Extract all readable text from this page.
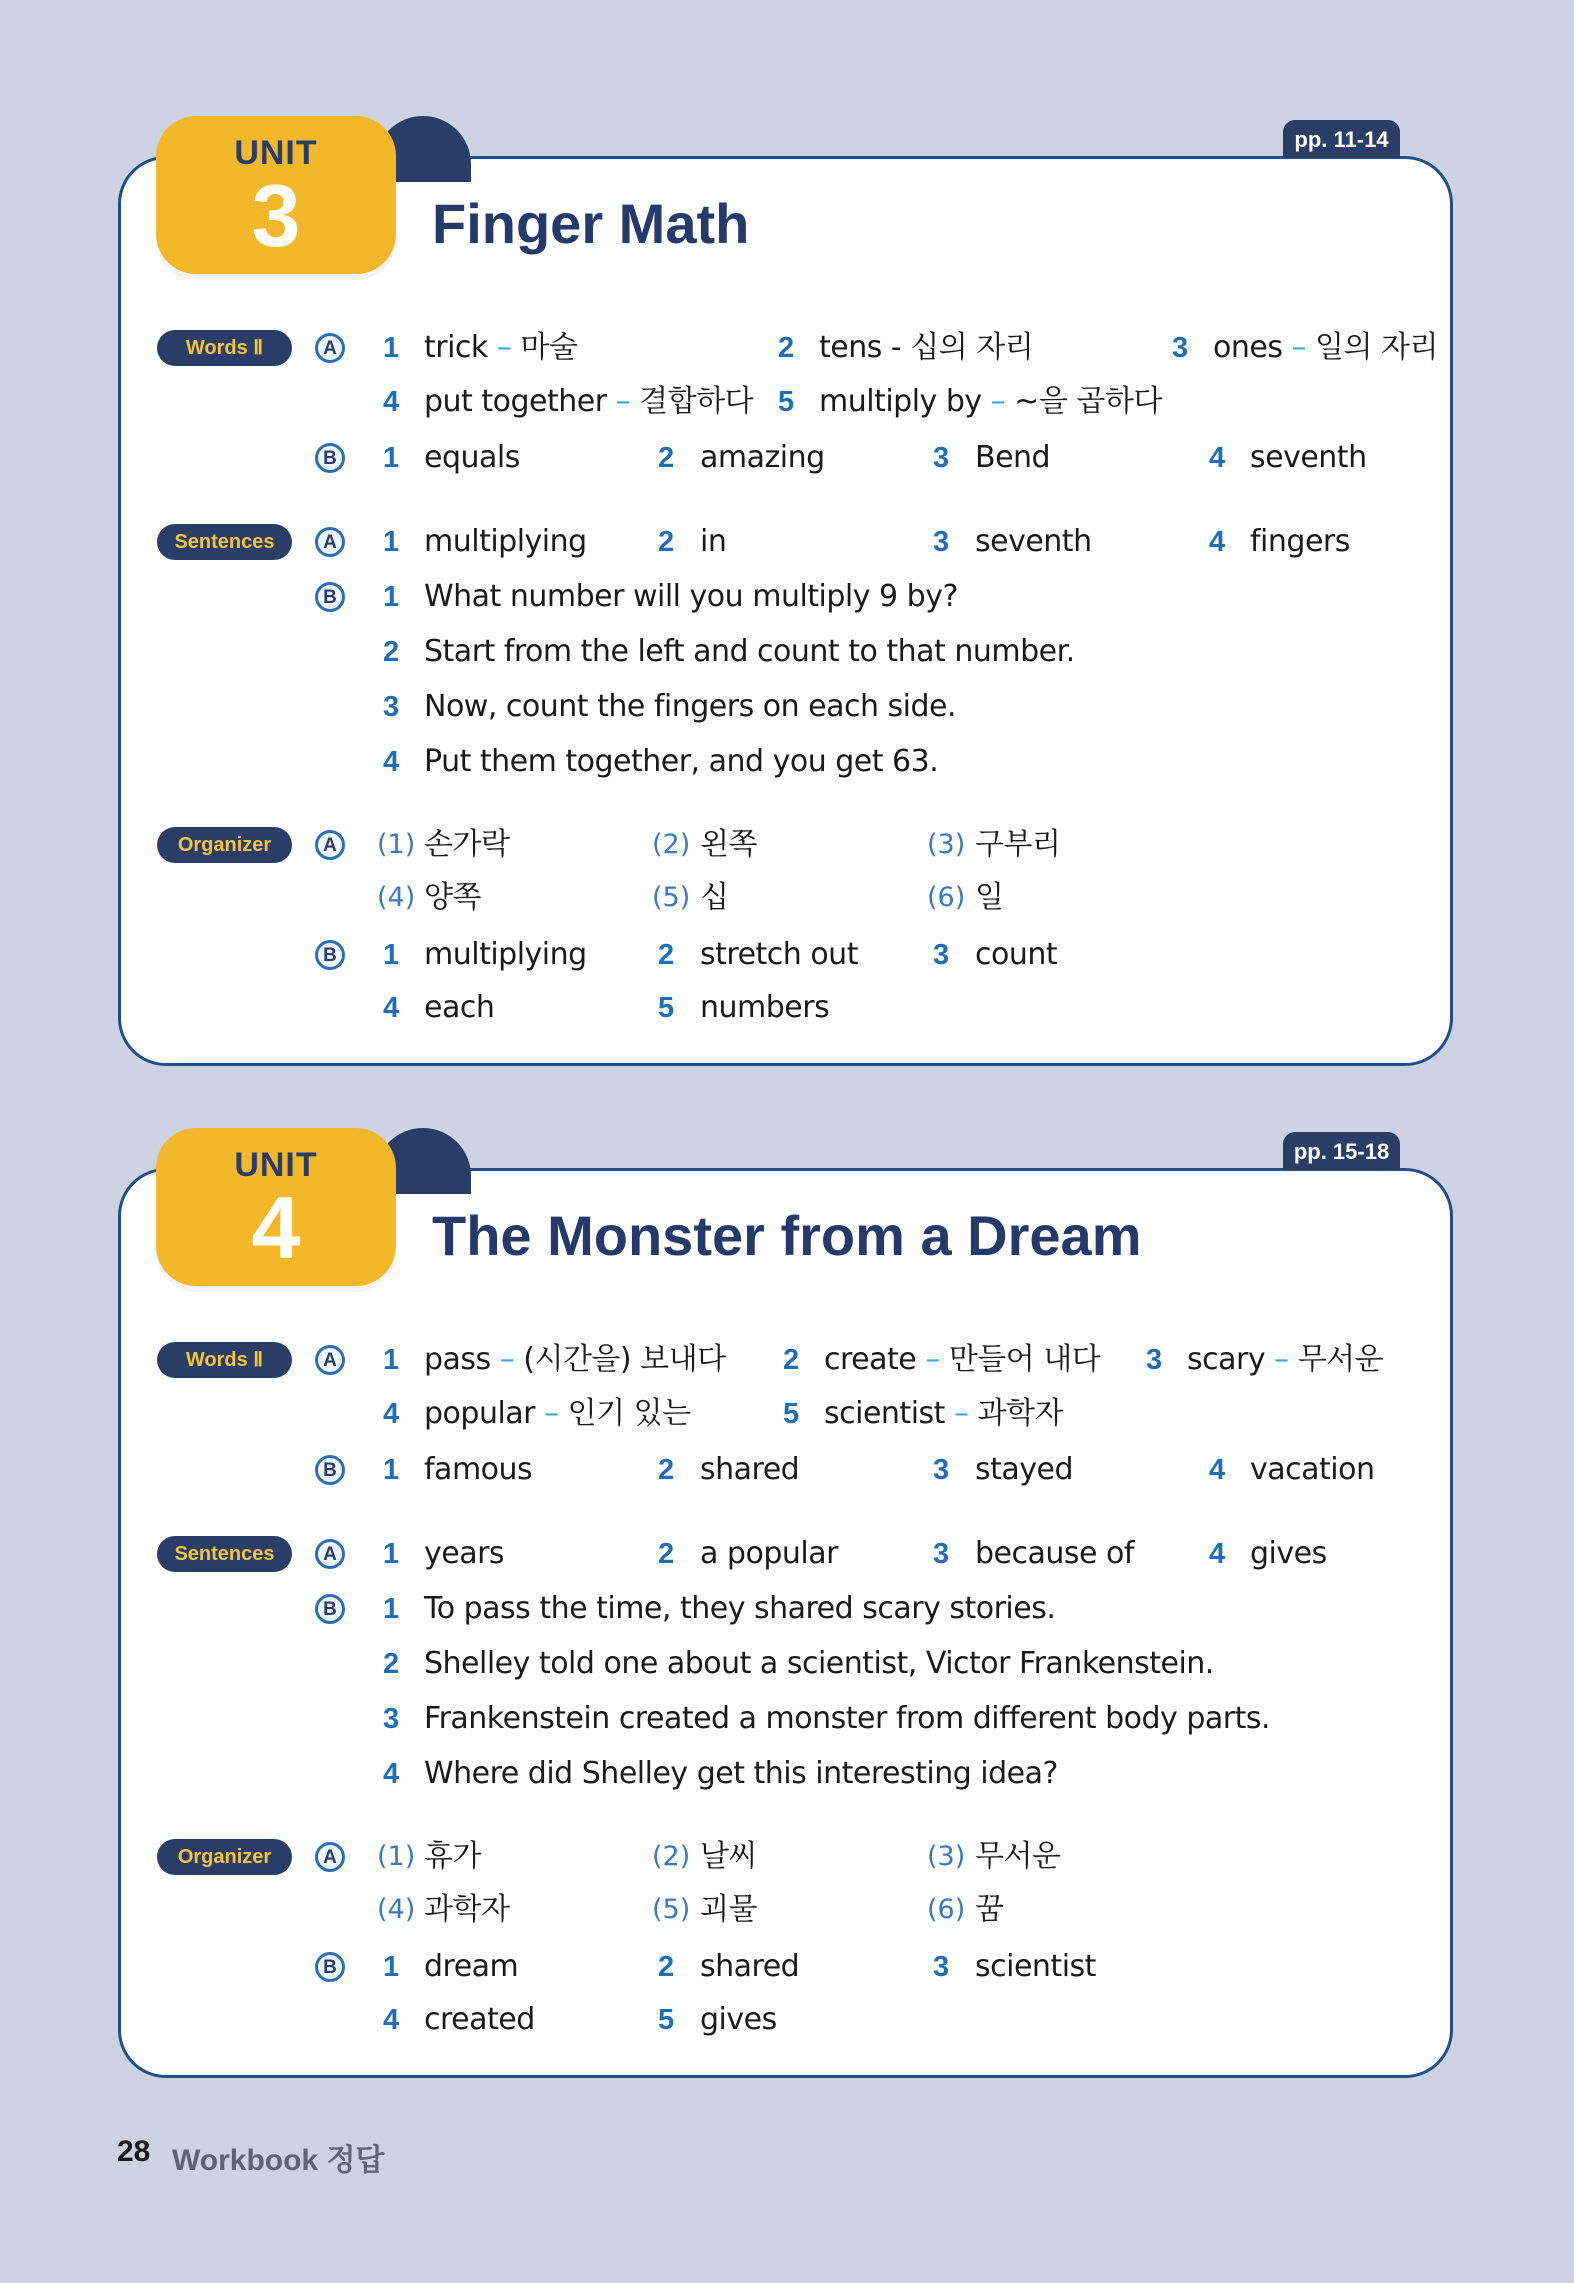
pp. 11-14
UNIT
3	Finger Math
Words Ⅱ	A 1 trick – 마술	2 tens - 십의 자리	3 ones – 일의 자리
4 put together – 결합하다 5 multiply by – ~을 곱하다
B 1 equals	2 amazing	3 Bend	4 seventh
Sentences	A 1 multiplying 2 in	3 seventh	4 fingers
B 1 What number will you multiply 9 by?
2 Start from the left and count to that number.
3 Now, count the fingers on each side.
4 Put them together, and you get 63.
Organizer	A	(1) 손가락	(2) 왼쪽	(3) 구부리
(4) 양쪽	(5) 십	(6) 일
B 1 multiplying 2 stretch out	3 count
4 each	5 numbers
pp. 15-18
UNIT
4	The Monster from a Dream
Words Ⅱ	A 1 pass – (시간을) 보내다 2 create – 만들어 내다 3 scary – 무서운
4 popular – 인기 있는	5 scientist – 과학자
B 1 famous	2 shared	3 stayed	4 vacation
Sentences	A 1 years	2 a popular	3 because of	4 gives
B 1 To pass the time, they shared scary stories.
2 Shelley told one about a scientist, Victor Frankenstein.
3 Frankenstein created a monster from different body parts.
4 Where did Shelley get this interesting idea?
Organizer	A	(1) 휴가	(2) 날씨	(3) 무서운
(4) 과학자	(5) 괴물	(6) 꿈
B 1 dream	2 shared	3 scientist
4 created	5 gives
28 Workbook 정답
